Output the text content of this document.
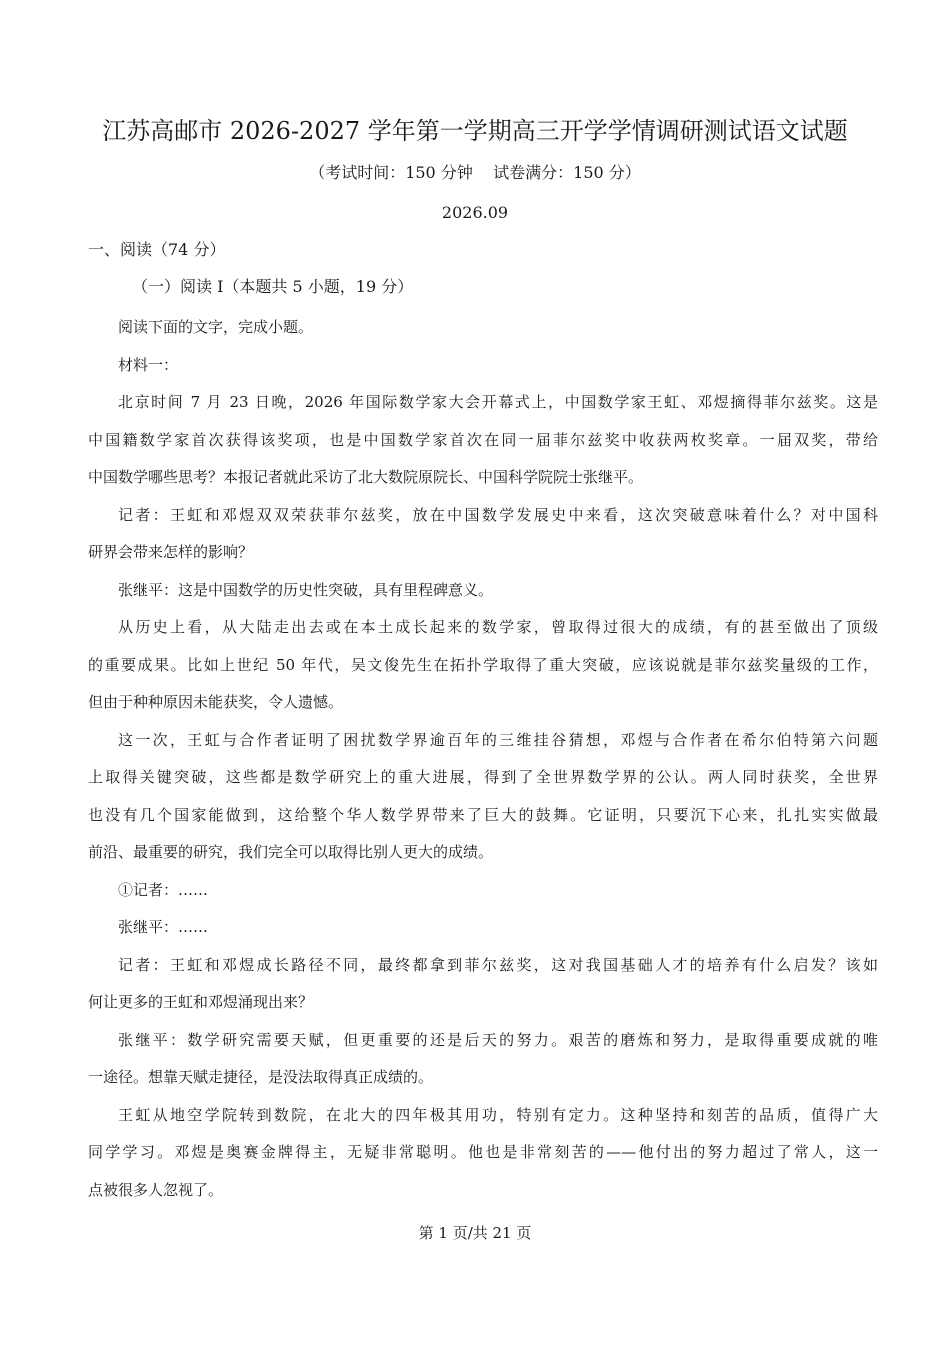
江苏高邮市 2026-2027 学年第一学期高三开学学情调研测试语文试题
（考试时间：150 分钟    试卷满分：150 分）
2026.09
一、阅读（74 分）
（一）阅读 I（本题共 5 小题，19 分）
阅读下面的文字，完成小题。
材料一：
北京时间 7 月 23 日晚，2026 年国际数学家大会开幕式上，中国数学家王虹、邓煜摘得菲尔兹奖。这是
中国籍数学家首次获得该奖项，也是中国数学家首次在同一届菲尔兹奖中收获两枚奖章。一届双奖，带给
中国数学哪些思考？本报记者就此采访了北大数院原院长、中国科学院院士张继平。
记者：王虹和邓煜双双荣获菲尔兹奖，放在中国数学发展史中来看，这次突破意味着什么？对中国科
研界会带来怎样的影响？
张继平：这是中国数学的历史性突破，具有里程碑意义。
从历史上看，从大陆走出去或在本土成长起来的数学家，曾取得过很大的成绩，有的甚至做出了顶级
的重要成果。比如上世纪 50 年代，吴文俊先生在拓扑学取得了重大突破，应该说就是菲尔兹奖量级的工作，
但由于种种原因未能获奖，令人遗憾。
这一次，王虹与合作者证明了困扰数学界逾百年的三维挂谷猜想，邓煜与合作者在希尔伯特第六问题
上取得关键突破，这些都是数学研究上的重大进展，得到了全世界数学界的公认。两人同时获奖，全世界
也没有几个国家能做到，这给整个华人数学界带来了巨大的鼓舞。它证明，只要沉下心来，扎扎实实做最
前沿、最重要的研究，我们完全可以取得比别人更大的成绩。
①记者：……
张继平：……
记者：王虹和邓煜成长路径不同，最终都拿到菲尔兹奖，这对我国基础人才的培养有什么启发？该如
何让更多的王虹和邓煜涌现出来？
张继平：数学研究需要天赋，但更重要的还是后天的努力。艰苦的磨炼和努力，是取得重要成就的唯
一途径。想靠天赋走捷径，是没法取得真正成绩的。
王虹从地空学院转到数院，在北大的四年极其用功，特别有定力。这种坚持和刻苦的品质，值得广大
同学学习。邓煜是奥赛金牌得主，无疑非常聪明。他也是非常刻苦的——他付出的努力超过了常人，这一
点被很多人忽视了。
第 1 页/共 21 页
